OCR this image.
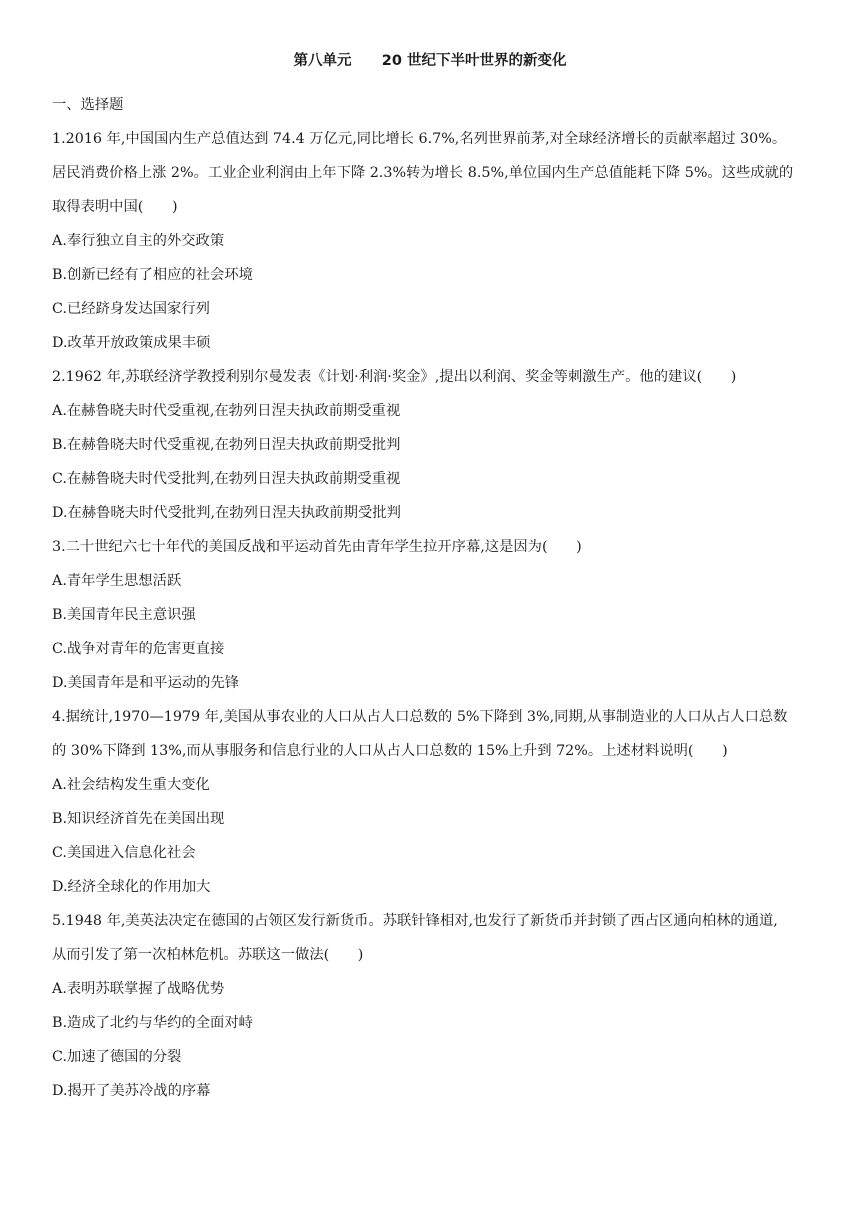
第八单元      20 世纪下半叶世界的新变化
一、选择题
1.2016 年,中国国内生产总值达到 74.4 万亿元,同比增长 6.7%,名列世界前茅,对全球经济增长的贡献率超过 30%。
居民消费价格上涨 2%。工业企业利润由上年下降 2.3%转为增长 8.5%,单位国内生产总值能耗下降 5%。这些成就的
取得表明中国(　　)
A.奉行独立自主的外交政策
B.创新已经有了相应的社会环境
C.已经跻身发达国家行列
D.改革开放政策成果丰硕
2.1962 年,苏联经济学教授利别尔曼发表《计划·利润·奖金》,提出以利润、奖金等刺激生产。他的建议(　　)
A.在赫鲁晓夫时代受重视,在勃列日涅夫执政前期受重视
B.在赫鲁晓夫时代受重视,在勃列日涅夫执政前期受批判
C.在赫鲁晓夫时代受批判,在勃列日涅夫执政前期受重视
D.在赫鲁晓夫时代受批判,在勃列日涅夫执政前期受批判
3.二十世纪六七十年代的美国反战和平运动首先由青年学生拉开序幕,这是因为(　　)
A.青年学生思想活跃
B.美国青年民主意识强
C.战争对青年的危害更直接
D.美国青年是和平运动的先锋
4.据统计,1970—1979 年,美国从事农业的人口从占人口总数的 5%下降到 3%,同期,从事制造业的人口从占人口总数
的 30%下降到 13%,而从事服务和信息行业的人口从占人口总数的 15%上升到 72%。上述材料说明(　　)
A.社会结构发生重大变化
B.知识经济首先在美国出现
C.美国进入信息化社会
D.经济全球化的作用加大
5.1948 年,美英法决定在德国的占领区发行新货币。苏联针锋相对,也发行了新货币并封锁了西占区通向柏林的通道,
从而引发了第一次柏林危机。苏联这一做法(　　)
A.表明苏联掌握了战略优势
B.造成了北约与华约的全面对峙
C.加速了德国的分裂
D.揭开了美苏冷战的序幕
